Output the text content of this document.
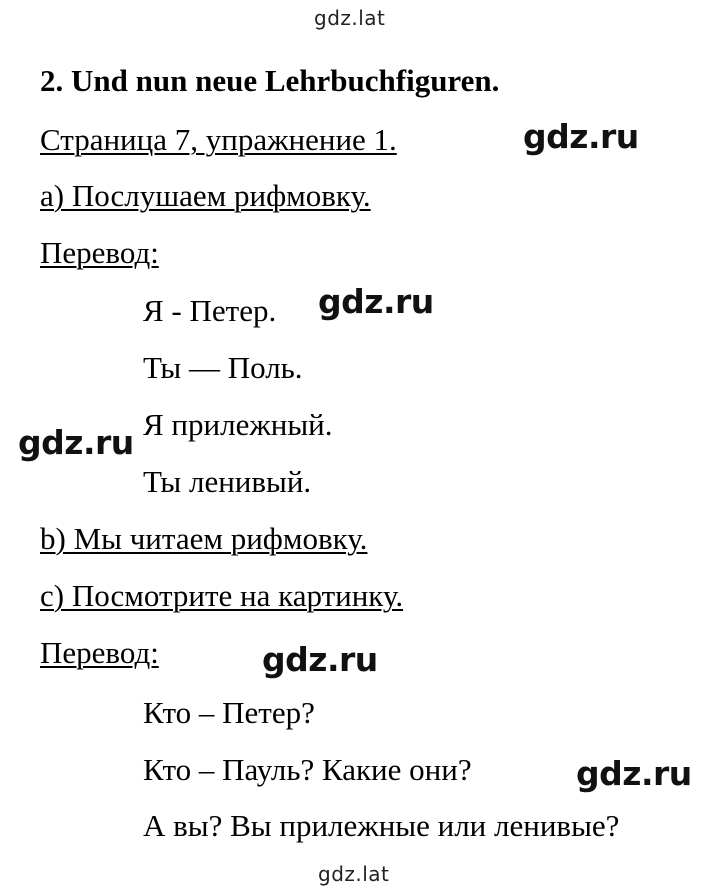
gdz.lat
2. Und nun neue Lehrbuchfiguren.
Страница 7, упражнение 1.
а) Послушаем рифмовку.
Перевод:
Я - Петер.
Ты — Поль.
Я прилежный.
Ты ленивый.
b) Мы читаем рифмовку.
с) Посмотрите на картинку.
Перевод:
Кто – Петер?
Кто – Пауль? Какие они?
А вы? Вы прилежные или ленивые?
gdz.ru
gdz.ru
gdz.ru
gdz.ru
gdz.ru
gdz.lat
